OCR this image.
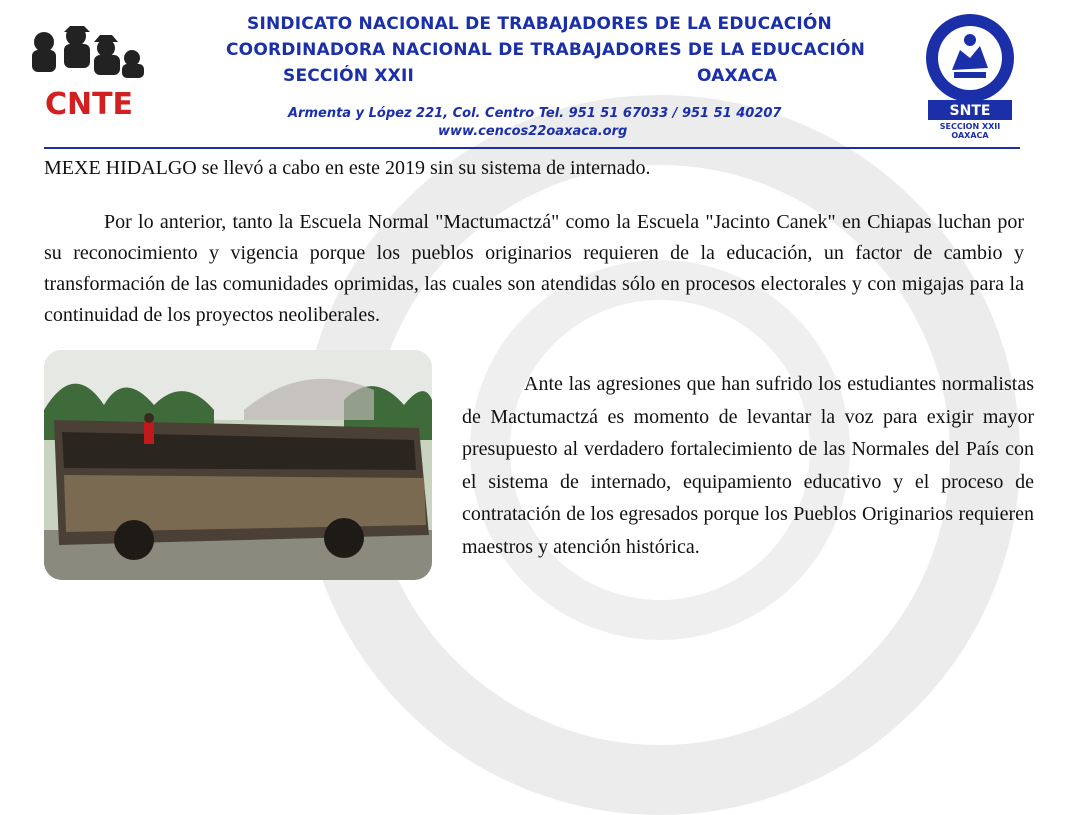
CNTE
SINDICATO NACIONAL DE TRABAJADORES DE LA EDUCACIÓN
COORDINADORA NACIONAL DE TRABAJADORES DE LA EDUCACIÓN
SECCIÓN XXII	OAXACA
Armenta y López 221, Col. Centro Tel. 951 51 67033 / 951 51 40207
www.cencos22oaxaca.org
SNTE
SECCION XXII
OAXACA
MEXE HIDALGO se llevó a cabo en este 2019 sin su sistema de internado.
Por lo anterior, tanto la Escuela Normal "Mactumactzá" como la Escuela "Jacinto Canek" en Chiapas luchan por su reconocimiento y vigencia porque los pueblos originarios requieren de la educación, un factor de cambio y transformación de las comunidades oprimidas, las cuales son atendidas sólo en procesos electorales y con migajas para la continuidad de los proyectos neoliberales.
Ante las agresiones que han sufrido los estudiantes normalistas de Mactumactzá es momento de levantar la voz para exigir mayor presupuesto al verdadero fortalecimiento de las Normales del País con el sistema de internado, equipamiento educativo y el proceso de contratación de los egresados porque los Pueblos Originarios requieren maestros y atención histórica.
